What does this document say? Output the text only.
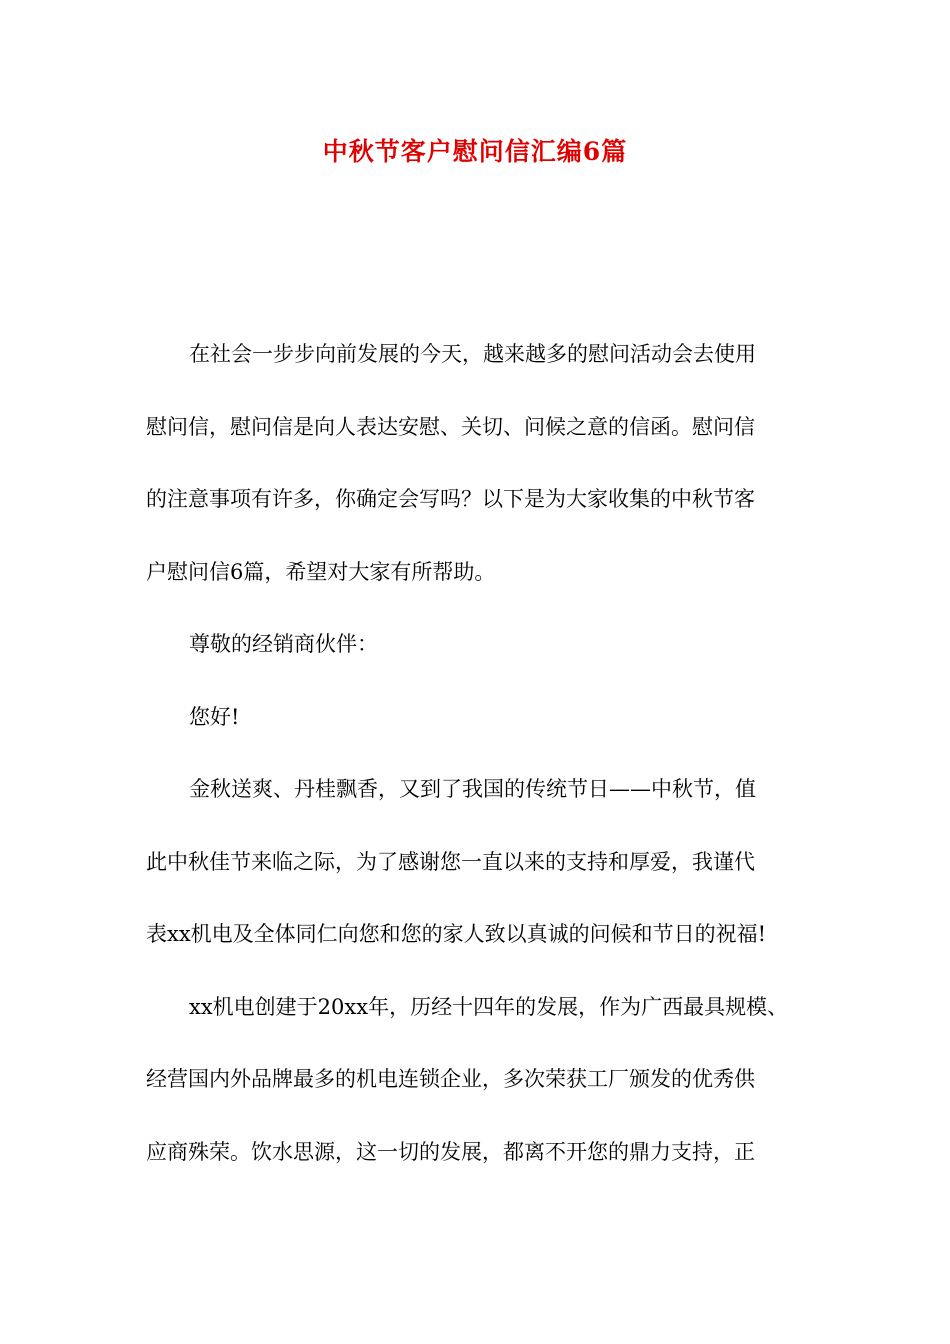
中秋节客户慰问信汇编6篇

在社会一步步向前发展的今天，越来越多的慰问活动会去使用

慰问信，慰问信是向人表达安慰、关切、问候之意的信函。慰问信

的注意事项有许多，你确定会写吗？以下是为大家收集的中秋节客

户慰问信6篇，希望对大家有所帮助。

尊敬的经销商伙伴：

您好!

金秋送爽、丹桂飘香，又到了我国的传统节日——中秋节，值

此中秋佳节来临之际，为了感谢您一直以来的支持和厚爱，我谨代

表xx机电及全体同仁向您和您的家人致以真诚的问候和节日的祝福!

xx机电创建于20xx年，历经十四年的发展，作为广西最具规模、

经营国内外品牌最多的机电连锁企业，多次荣获工厂颁发的优秀供

应商殊荣。饮水思源，这一切的发展，都离不开您的鼎力支持，正
